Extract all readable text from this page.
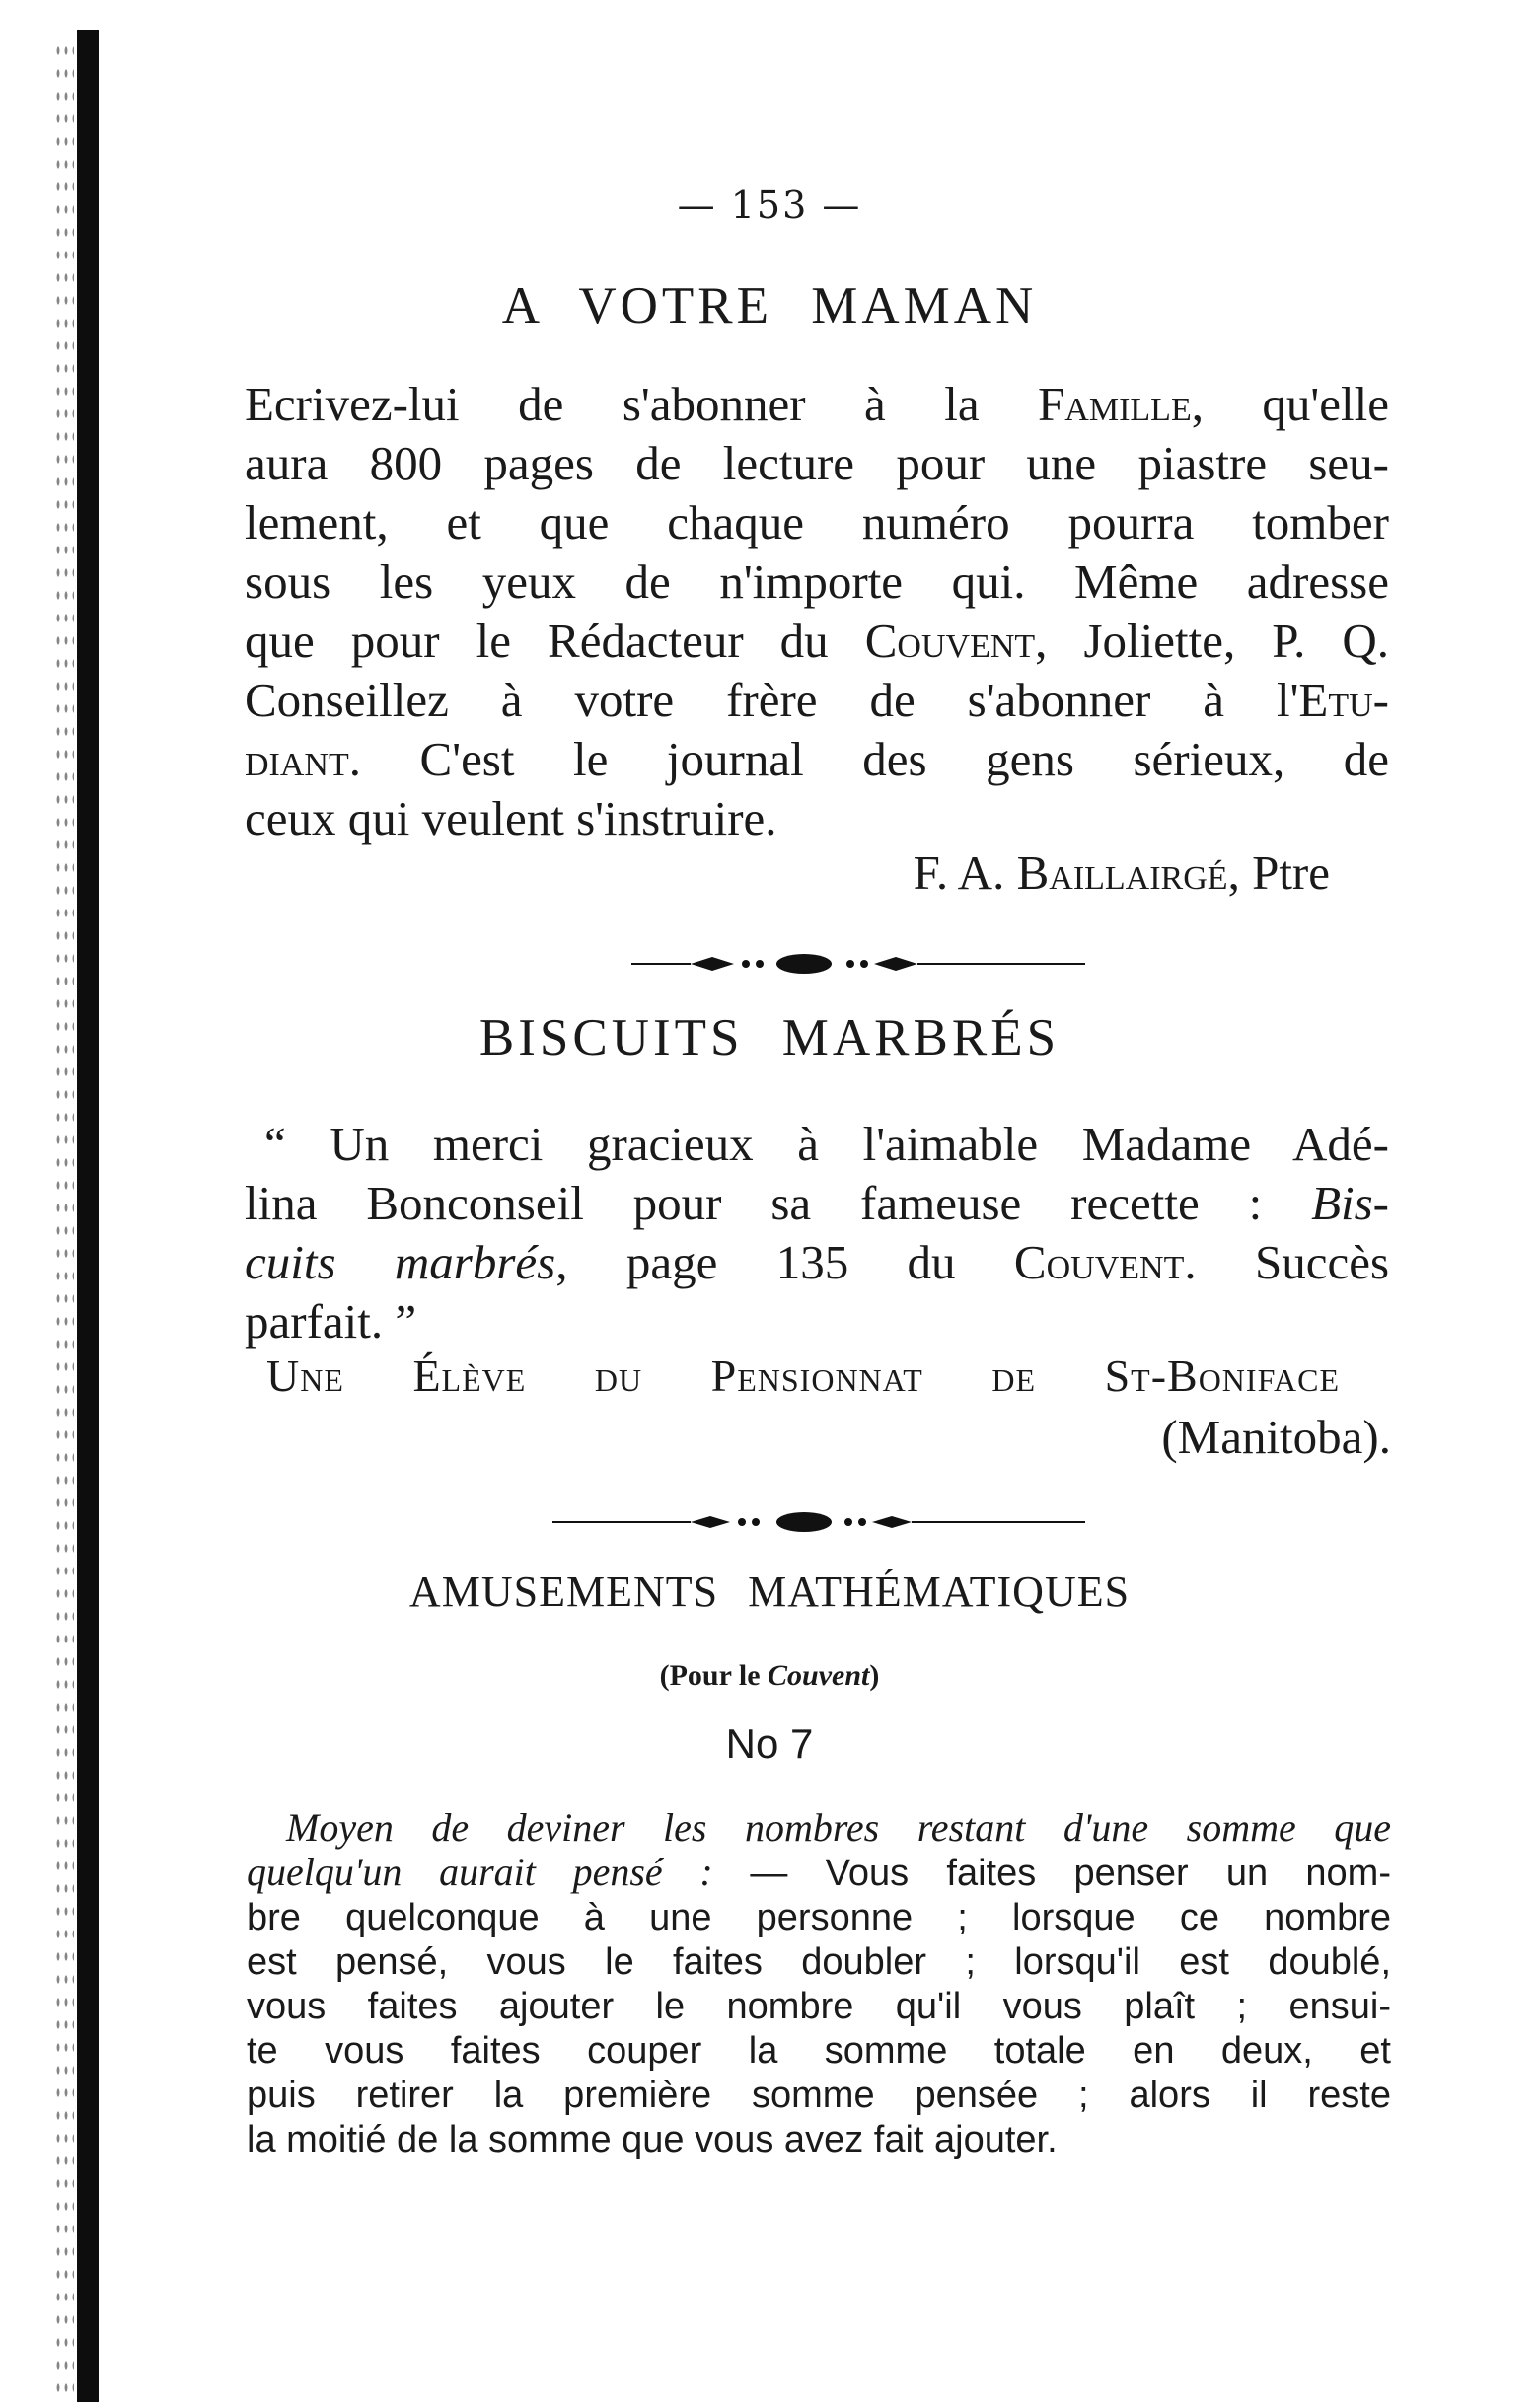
— 153 —
A VOTRE MAMAN

Ecrivez-lui de s'abonner à la Famille, qu'elle
aura 800 pages de lecture pour une piastre seu-
lement, et que chaque numéro pourra tomber
sous les yeux de n'importe qui. Même adresse
que pour le Rédacteur du Couvent, Joliette, P. Q.

Conseillez à votre frère de s'abonner à l'Etu-
diant. C'est le journal des gens sérieux, de
ceux qui veulent s'instruire.

F. A. Baillairgé, Ptre
BISCUITS MARBRÉS

“ Un merci gracieux à l'aimable Madame Adé-
lina Bonconseil pour sa fameuse recette : Bis-
cuits marbrés, page 135 du Couvent. Succès
parfait. ”

Une Élève du Pensionnat de St-Boniface
(Manitoba).
AMUSEMENTS MATHÉMATIQUES
(Pour le Couvent)
No 7

Moyen de deviner les nombres restant d'une somme que
quelqu'un aurait pensé : — Vous faites penser un nom-
bre quelconque à une personne ; lorsque ce nombre
est pensé, vous le faites doubler ; lorsqu'il est doublé,
vous faites ajouter le nombre qu'il vous plaît ; ensui-
te vous faites couper la somme totale en deux, et
puis retirer la première somme pensée ; alors il reste
la moitié de la somme que vous avez fait ajouter.
